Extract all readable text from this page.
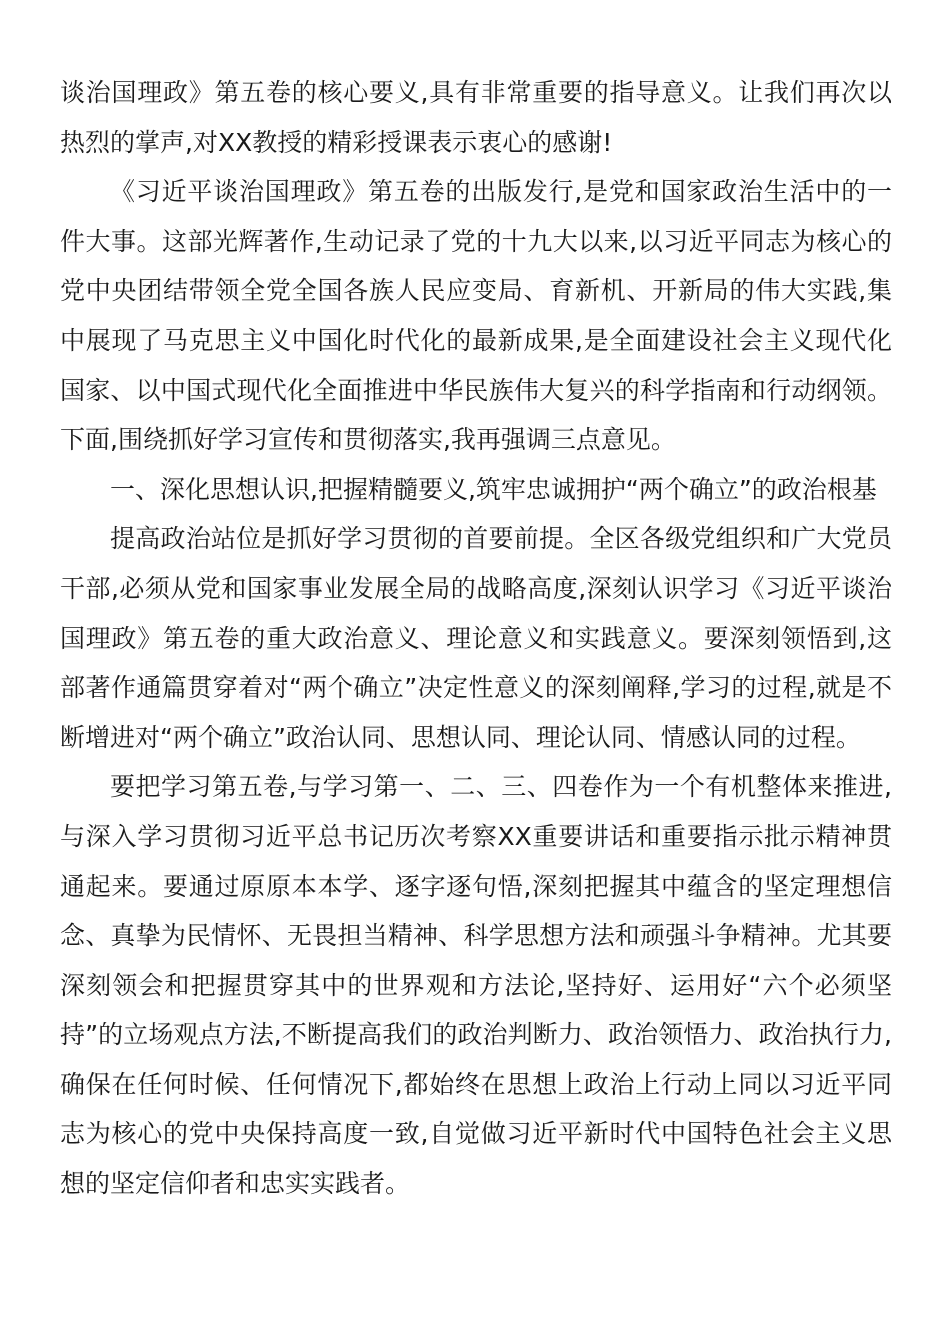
谈治国理政》第五卷的核心要义,具有非常重要的指导意义。让我们再次以热烈的掌声,对XX教授的精彩授课表示衷心的感谢!

《习近平谈治国理政》第五卷的出版发行,是党和国家政治生活中的一件大事。这部光辉著作,生动记录了党的十九大以来,以习近平同志为核心的党中央团结带领全党全国各族人民应变局、育新机、开新局的伟大实践,集中展现了马克思主义中国化时代化的最新成果,是全面建设社会主义现代化国家、以中国式现代化全面推进中华民族伟大复兴的科学指南和行动纲领。下面,围绕抓好学习宣传和贯彻落实,我再强调三点意见。

一、深化思想认识,把握精髓要义,筑牢忠诚拥护“两个确立”的政治根基

提高政治站位是抓好学习贯彻的首要前提。全区各级党组织和广大党员干部,必须从党和国家事业发展全局的战略高度,深刻认识学习《习近平谈治国理政》第五卷的重大政治意义、理论意义和实践意义。要深刻领悟到,这部著作通篇贯穿着对“两个确立”决定性意义的深刻阐释,学习的过程,就是不断增进对“两个确立”政治认同、思想认同、理论认同、情感认同的过程。

要把学习第五卷,与学习第一、二、三、四卷作为一个有机整体来推进,与深入学习贯彻习近平总书记历次考察XX重要讲话和重要指示批示精神贯通起来。要通过原原本本学、逐字逐句悟,深刻把握其中蕴含的坚定理想信念、真挚为民情怀、无畏担当精神、科学思想方法和顽强斗争精神。尤其要深刻领会和把握贯穿其中的世界观和方法论,坚持好、运用好“六个必须坚持”的立场观点方法,不断提高我们的政治判断力、政治领悟力、政治执行力,确保在任何时候、任何情况下,都始终在思想上政治上行动上同以习近平同志为核心的党中央保持高度一致,自觉做习近平新时代中国特色社会主义思想的坚定信仰者和忠实实践者。
